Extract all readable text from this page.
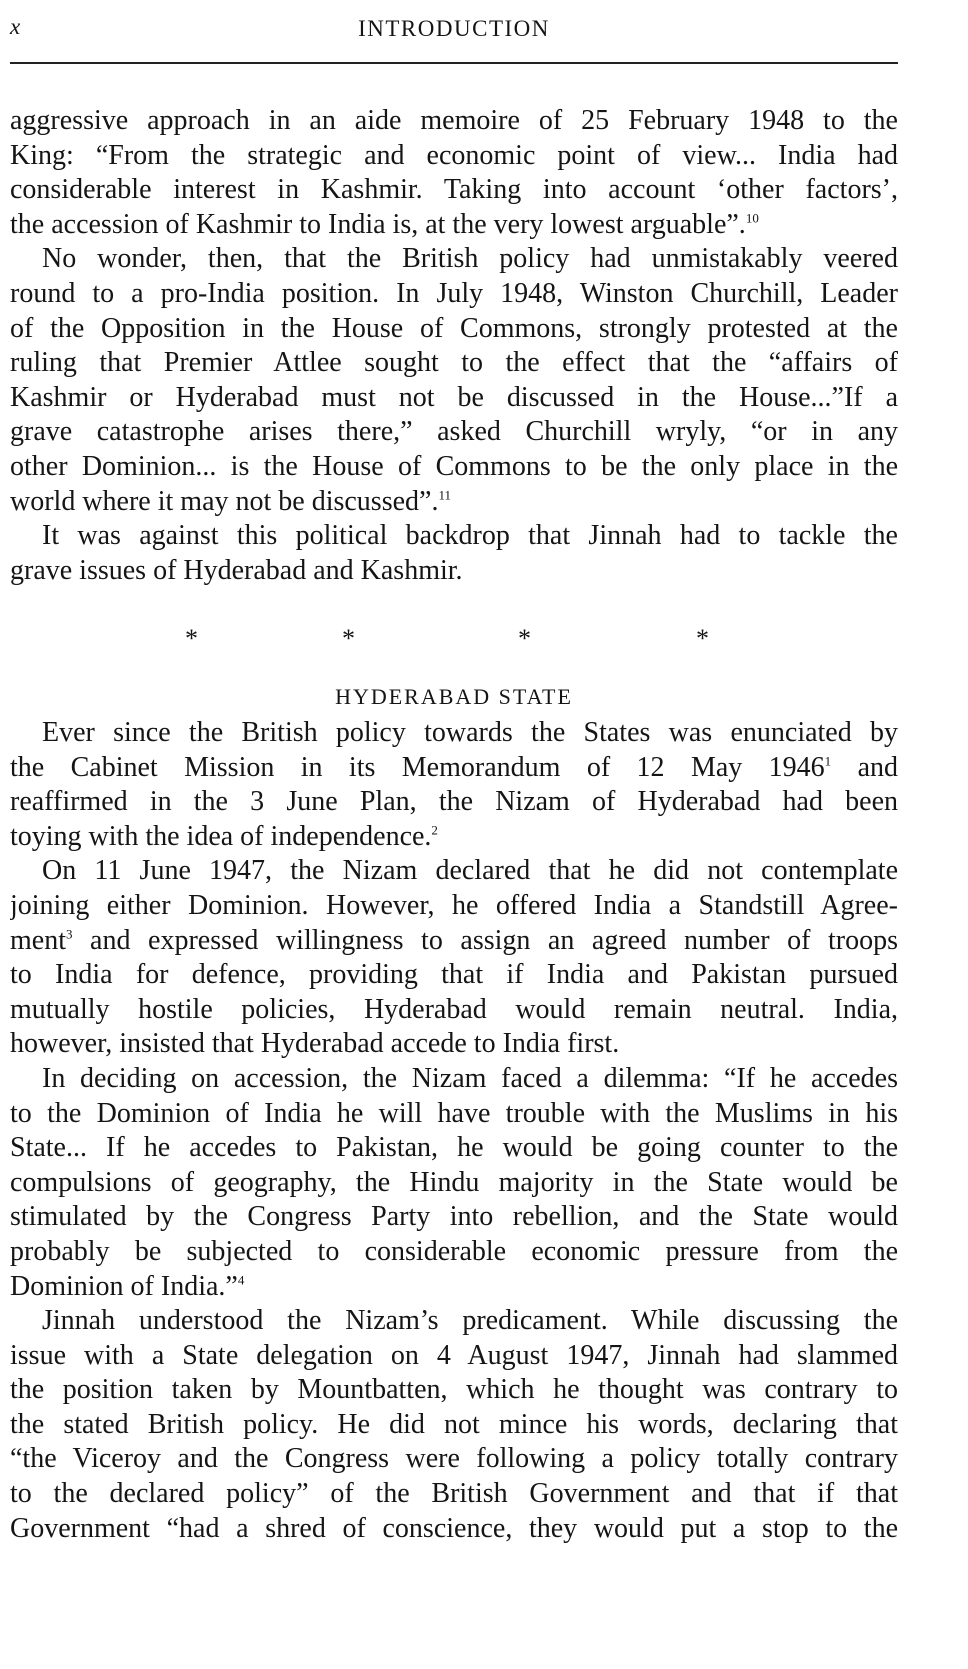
x	INTRODUCTION
aggressive approach in an aide memoire of 25 February 1948 to the
King: “From the strategic and economic point of view... India had
considerable interest in Kashmir. Taking into account ‘other factors’,
the accession of Kashmir to India is, at the very lowest arguable”.$^{10}$
No wonder, then, that the British policy had unmistakably veered
round to a pro-India position. In July 1948, Winston Churchill, Leader
of the Opposition in the House of Commons, strongly protested at the
ruling that Premier Attlee sought to the effect that the “affairs of
Kashmir or Hyderabad must not be discussed in the House...”If a
grave catastrophe arises there,” asked Churchill wryly, “or in any
other Dominion... is the House of Commons to be the only place in the
world where it may not be discussed”.$^{11}$
It was against this political backdrop that Jinnah had to tackle the
grave issues of Hyderabad and Kashmir.
*	*	*	*
HYDERABAD STATE
Ever since the British policy towards the States was enunciated by
the Cabinet Mission in its Memorandum of 12 May 1946$^1$ and
reaffirmed in the 3 June Plan, the Nizam of Hyderabad had been
toying with the idea of independence.$^2$
On 11 June 1947, the Nizam declared that he did not contemplate
joining either Dominion. However, he offered India a Standstill Agree-
ment$^3$ and expressed willingness to assign an agreed number of troops
to India for defence, providing that if India and Pakistan pursued
mutually hostile policies, Hyderabad would remain neutral. India,
however, insisted that Hyderabad accede to India first.
In deciding on accession, the Nizam faced a dilemma: “If he accedes
to the Dominion of India he will have trouble with the Muslims in his
State... If he accedes to Pakistan, he would be going counter to the
compulsions of geography, the Hindu majority in the State would be
stimulated by the Congress Party into rebellion, and the State would
probably be subjected to considerable economic pressure from the
Dominion of India.”$^4$
Jinnah understood the Nizam’s predicament. While discussing the
issue with a State delegation on 4 August 1947, Jinnah had slammed
the position taken by Mountbatten, which he thought was contrary to
the stated British policy. He did not mince his words, declaring that
“the Viceroy and the Congress were following a policy totally contrary
to the declared policy” of the British Government and that if that
Government “had a shred of conscience, they would put a stop to the
